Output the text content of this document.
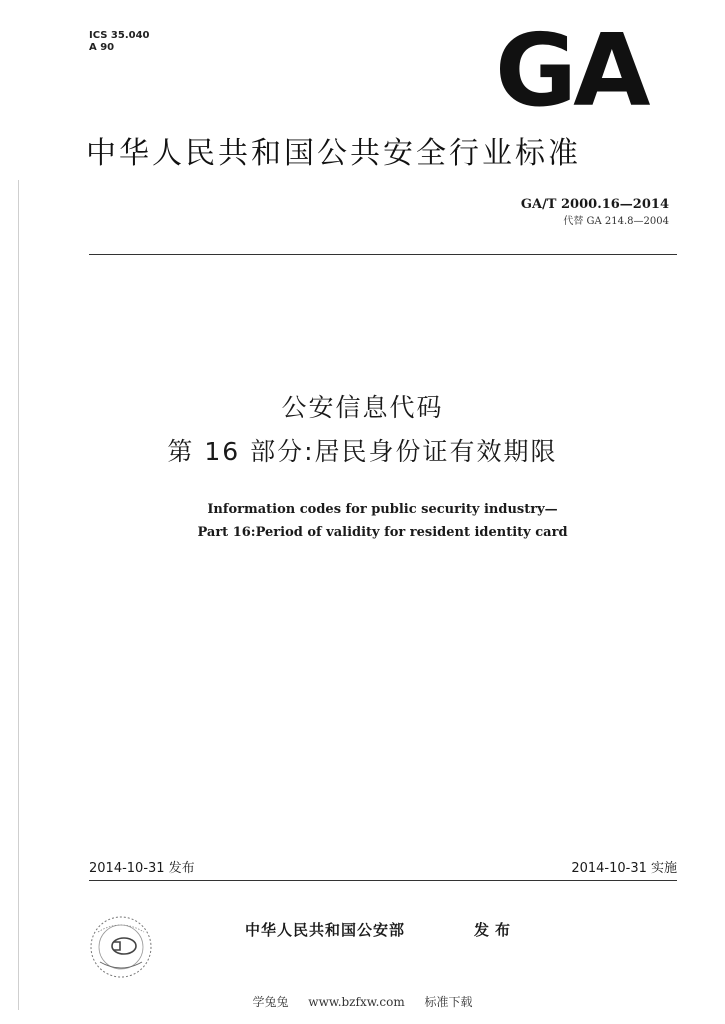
ICS 35.040
A 90	GA
中华人民共和国公共安全行业标准
GA/T 2000.16—2014
代替 GA 214.8—2004
公安信息代码
第 16 部分:居民身份证有效期限
Information codes for public security industry—
Part 16:Period of validity for resident identity card
2014-10-31 发布	2014-10-31 实施
中华人民共和国公安部	发布
学兔兔 www.bzfxw.com 标准下载
